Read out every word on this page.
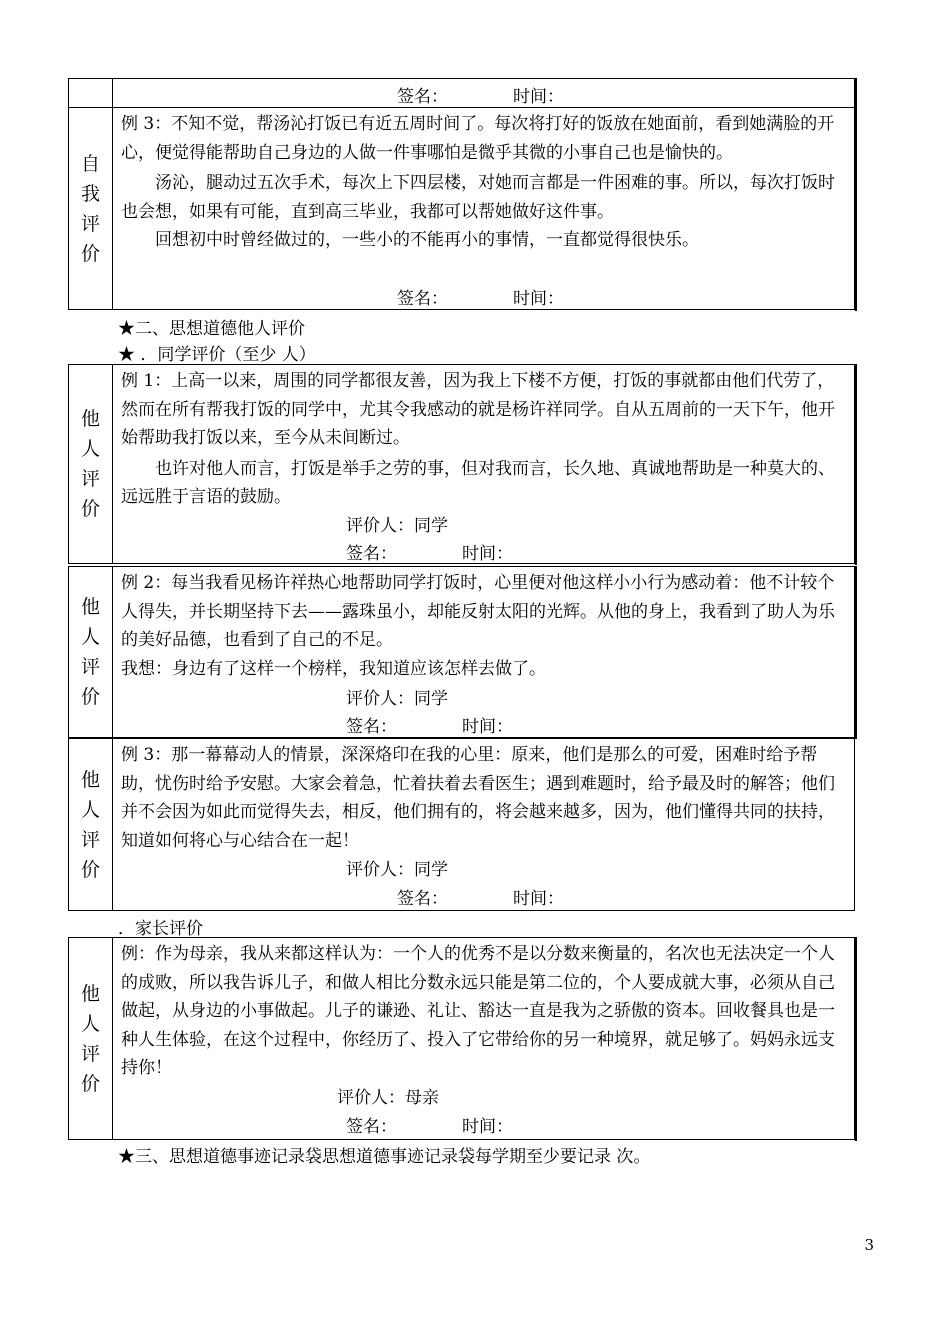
签名：	时间：
自
我
评
价

例 3：不知不觉，帮汤沁打饭已有近五周时间了。每次将打好的饭放在她面前，看到她满脸的开心，便觉得能帮助自己身边的人做一件事哪怕是微乎其微的小事自己也是愉快的。

汤沁，腿动过五次手术，每次上下四层楼，对她而言都是一件困难的事。所以，每次打饭时也会想，如果有可能，直到高三毕业，我都可以帮她做好这件事。

回想初中时曾经做过的，一些小的不能再小的事情，一直都觉得很快乐。

签名：	时间：
★二、思想道德他人评价
★ ．同学评价（至少 人）
他
人
评
价

例 1：上高一以来，周围的同学都很友善，因为我上下楼不方便，打饭的事就都由他们代劳了，然而在所有帮我打饭的同学中，尤其令我感动的就是杨许祥同学。自从五周前的一天下午，他开始帮助我打饭以来，至今从未间断过。

也许对他人而言，打饭是举手之劳的事，但对我而言，长久地、真诚地帮助是一种莫大的、远远胜于言语的鼓励。

评价人：同学
签名：	时间：
他
人
评
价

例 2：每当我看见杨许祥热心地帮助同学打饭时，心里便对他这样小小行为感动着：他不计较个人得失，并长期坚持下去——露珠虽小，却能反射太阳的光辉。从他的身上，我看到了助人为乐的美好品德，也看到了自己的不足。

我想：身边有了这样一个榜样，我知道应该怎样去做了。

评价人：同学
签名：	时间：
他
人
评
价

例 3：那一幕幕动人的情景，深深烙印在我的心里：原来，他们是那么的可爱，困难时给予帮助，忧伤时给予安慰。大家会着急，忙着扶着去看医生；遇到难题时，给予最及时的解答；他们并不会因为如此而觉得失去，相反，他们拥有的，将会越来越多，因为，他们懂得共同的扶持，知道如何将心与心结合在一起！

评价人：同学
签名：	时间：
．家长评价
他
人
评
价

例：作为母亲，我从来都这样认为：一个人的优秀不是以分数来衡量的，名次也无法决定一个人的成败，所以我告诉儿子，和做人相比分数永远只能是第二位的，个人要成就大事，必须从自己做起，从身边的小事做起。儿子的谦逊、礼让、豁达一直是我为之骄傲的资本。回收餐具也是一种人生体验，在这个过程中，你经历了、投入了它带给你的另一种境界，就足够了。妈妈永远支持你！

评价人：母亲
签名：	时间：
★三、思想道德事迹记录袋思想道德事迹记录袋每学期至少要记录 次。
3
